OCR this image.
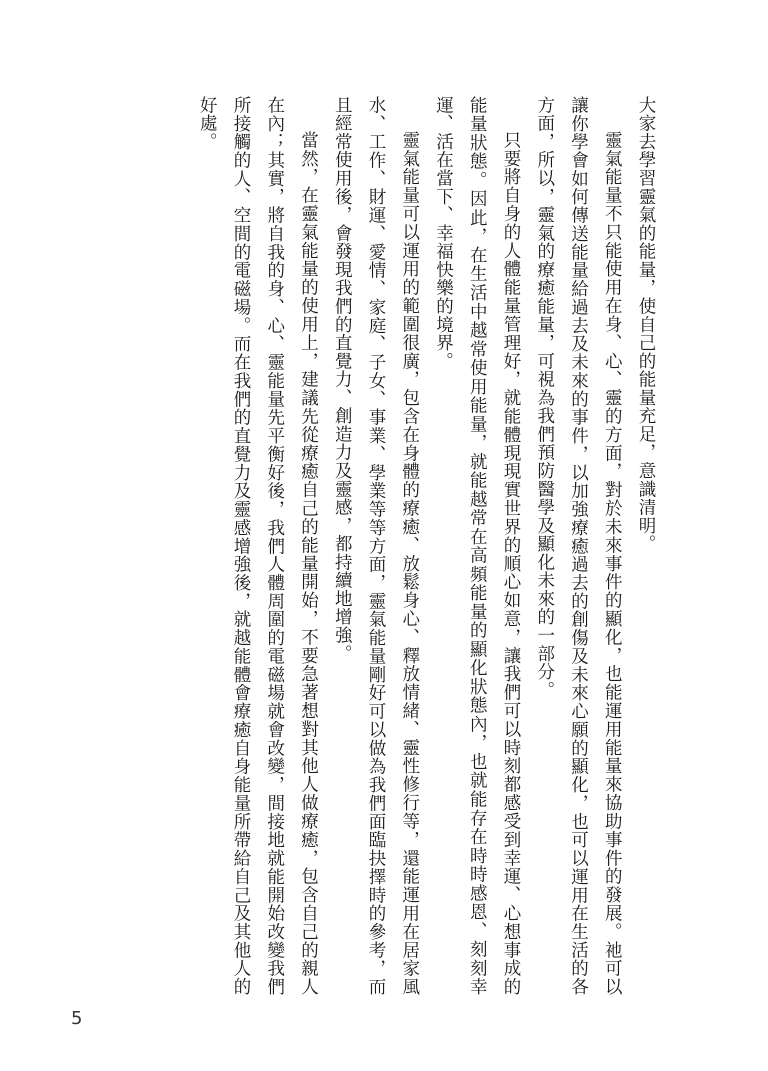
大家去學習靈氣的能量，使自己的能量充足，意識清明。

靈氣能量不只能使用在身、心、靈的方面，對於未來事件的顯化，也能運用能量來協助事件的發展。祂可以讓你學會如何傳送能量給過去及未來的事件，以加強療癒過去的創傷及未來心願的顯化，也可以運用在生活的各方面，所以，靈氣的療癒能量，可視為我們預防醫學及顯化未來的一部分。

只要將自身的人體能量管理好，就能體現現實世界的順心如意，讓我們可以時刻都感受到幸運、心想事成的能量狀態。因此，在生活中越常使用能量，就能越常在高頻能量的顯化狀態內，也就能存在時時感恩、刻刻幸運、活在當下、幸福快樂的境界。

靈氣能量可以運用的範圍很廣，包含在身體的療癒、放鬆身心、釋放情緒、靈性修行等，還能運用在居家風水、工作、財運、愛情、家庭、子女、事業、學業等等方面，靈氣能量剛好可以做為我們面臨抉擇時的參考，而且經常使用後，會發現我們的直覺力、創造力及靈感，都持續地增強。

當然，在靈氣能量的使用上，建議先從療癒自己的能量開始，不要急著想對其他人做療癒，包含自己的親人在內；其實，將自我的身、心、靈能量先平衡好後，我們人體周圍的電磁場就會改變，間接地就能開始改變我們所接觸的人、空間的電磁場。而在我們的直覺力及靈感增強後，就越能體會療癒自身能量所帶給自己及其他人的好處。

5
